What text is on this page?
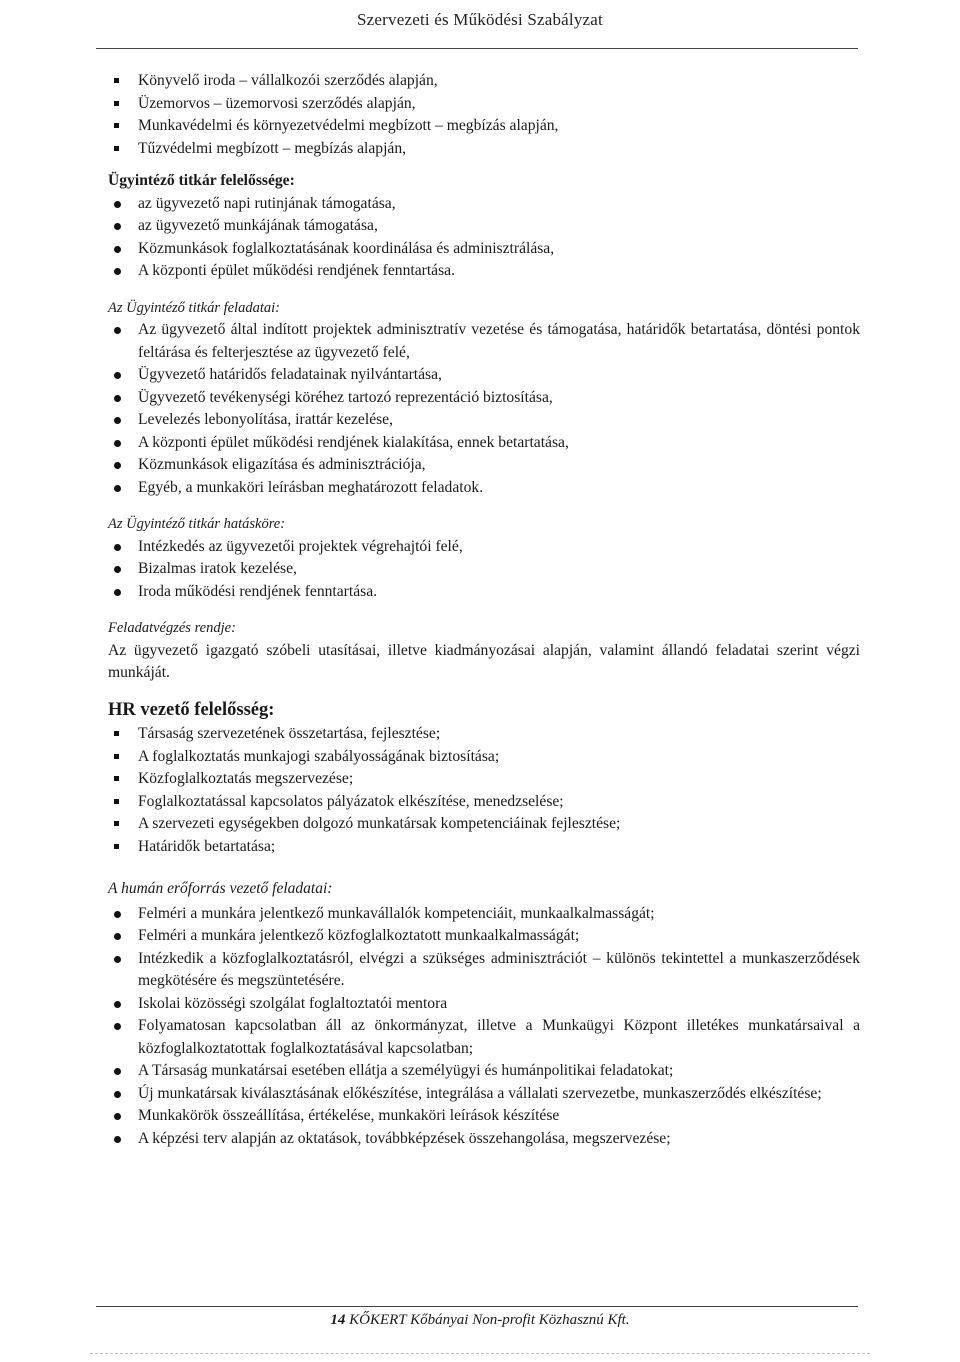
Szervezeti és Működési Szabályzat
Könyvelő iroda – vállalkozói szerződés alapján,
Üzemorvos – üzemorvosi szerződés alapján,
Munkavédelmi és környezetvédelmi megbízott – megbízás alapján,
Tűzvédelmi megbízott – megbízás alapján,
Ügyintéző titkár felelőssége:
az ügyvezető napi rutinjának támogatása,
az ügyvezető munkájának támogatása,
Közmunkások foglalkoztatásának koordinálása és adminisztrálása,
A központi épület működési rendjének fenntartása.
Az Ügyintéző titkár feladatai:
Az ügyvezető által indított projektek adminisztratív vezetése és támogatása, határidők betartatása, döntési pontok feltárása és felterjesztése az ügyvezető felé,
Ügyvezető határidős feladatainak nyilvántartása,
Ügyvezető tevékenységi köréhez tartozó reprezentáció biztosítása,
Levelezés lebonyolítása, irattár kezelése,
A központi épület működési rendjének kialakítása, ennek betartatása,
Közmunkások eligazítása és adminisztrációja,
Egyéb, a munkaköri leírásban meghatározott feladatok.
Az Ügyintéző titkár hatásköre:
Intézkedés az ügyvezetői projektek végrehajtói felé,
Bizalmas iratok kezelése,
Iroda működési rendjének fenntartása.
Feladatvégzés rendje:

Az ügyvezető igazgató szóbeli utasításai, illetve kiadmányozásai alapján, valamint állandó feladatai szerint végzi munkáját.

HR vezető felelősség:
Társaság szervezetének összetartása, fejlesztése;
A foglalkoztatás munkajogi szabályosságának biztosítása;
Közfoglalkoztatás megszervezése;
Foglalkoztatással kapcsolatos pályázatok elkészítése, menedzselése;
A szervezeti egységekben dolgozó munkatársak kompetenciáinak fejlesztése;
Határidők betartatása;
A humán erőforrás vezető feladatai:
Felméri a munkára jelentkező munkavállalók kompetenciáit, munkaalkalmasságát;
Felméri a munkára jelentkező közfoglalkoztatott munkaalkalmasságát;
Intézkedik a közfoglalkoztatásról, elvégzi a szükséges adminisztrációt – különös tekintettel a munkaszerződések megkötésére és megszüntetésére.
Iskolai közösségi szolgálat foglaltoztatói mentora
Folyamatosan kapcsolatban áll az önkormányzat, illetve a Munkaügyi Központ illetékes munkatársaival a közfoglalkoztatottak foglalkoztatásával kapcsolatban;
A Társaság munkatársai esetében ellátja a személyügyi és humánpolitikai feladatokat;
Új munkatársak kiválasztásának előkészítése, integrálása a vállalati szervezetbe, munkaszerződés elkészítése;
Munkakörök összeállítása, értékelése, munkaköri leírások készítése
A képzési terv alapján az oktatások, továbbképzések összehangolása, megszervezése;
14 KŐKERT Kőbányai Non-profit Közhasznú Kft.
